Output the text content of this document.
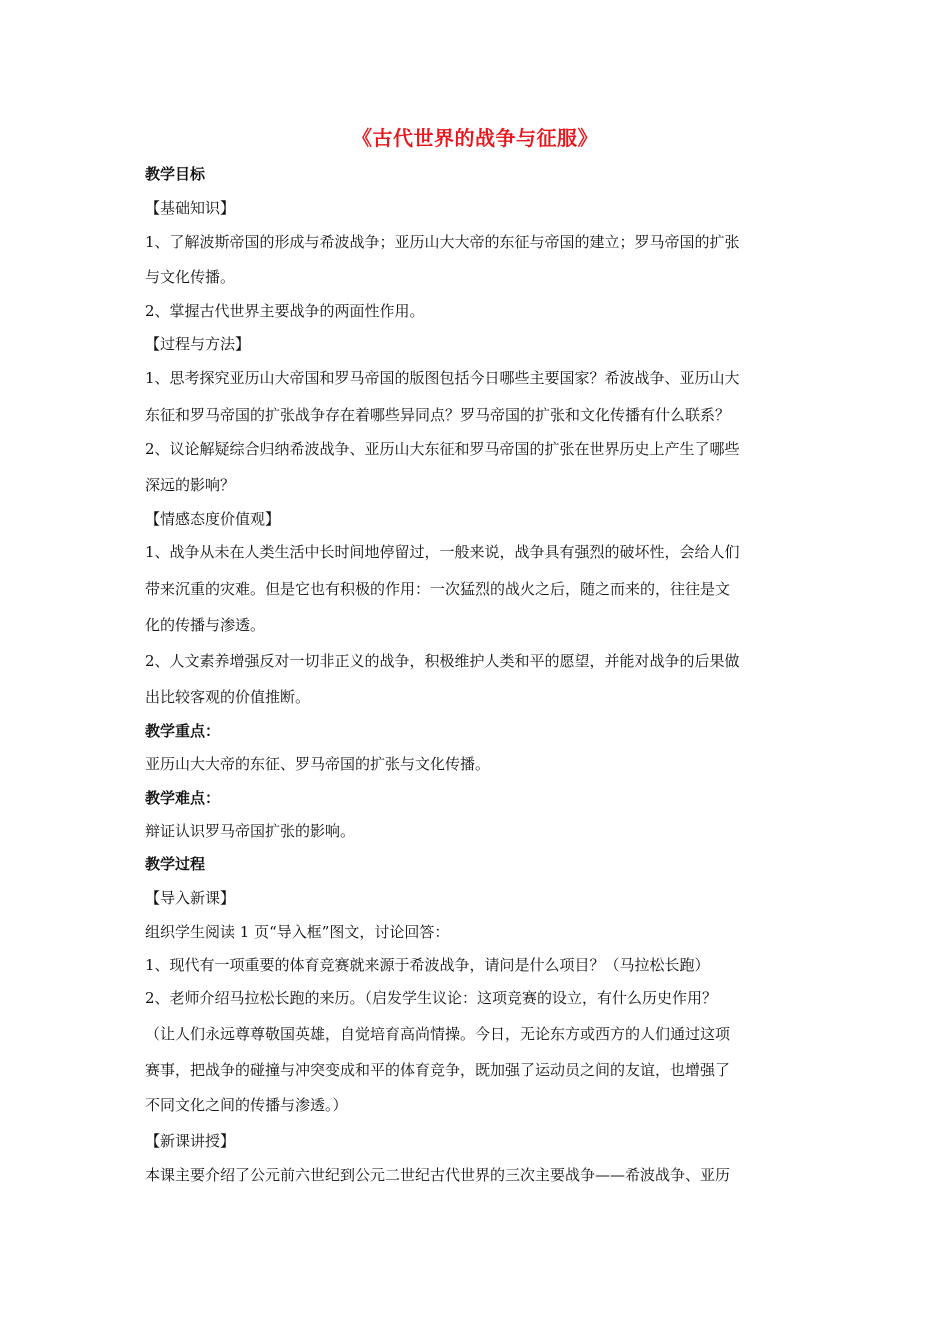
《古代世界的战争与征服》
教学目标
【基础知识】
1、了解波斯帝国的形成与希波战争；亚历山大大帝的东征与帝国的建立；罗马帝国的扩张
与文化传播。
2、掌握古代世界主要战争的两面性作用。
【过程与方法】
1、思考探究亚历山大帝国和罗马帝国的版图包括今日哪些主要国家？希波战争、亚历山大
东征和罗马帝国的扩张战争存在着哪些异同点？罗马帝国的扩张和文化传播有什么联系？
2、议论解疑综合归纳希波战争、亚历山大东征和罗马帝国的扩张在世界历史上产生了哪些
深远的影响？
【情感态度价值观】
1、战争从未在人类生活中长时间地停留过，一般来说，战争具有强烈的破坏性，会给人们
带来沉重的灾难。但是它也有积极的作用：一次猛烈的战火之后，随之而来的，往往是文
化的传播与渗透。
2、人文素养增强反对一切非正义的战争，积极维护人类和平的愿望，并能对战争的后果做
出比较客观的价值推断。
教学重点：
亚历山大大帝的东征、罗马帝国的扩张与文化传播。
教学难点：
辩证认识罗马帝国扩张的影响。
教学过程
【导入新课】
组织学生阅读 1 页“导入框”图文，讨论回答：
1、现代有一项重要的体育竞赛就来源于希波战争，请问是什么项目？（马拉松长跑）
2、老师介绍马拉松长跑的来历。（启发学生议论：这项竞赛的设立，有什么历史作用？
（让人们永远尊尊敬国英雄，自觉培育高尚情操。今日，无论东方或西方的人们通过这项
赛事，把战争的碰撞与冲突变成和平的体育竞争，既加强了运动员之间的友谊，也增强了
不同文化之间的传播与渗透。）
【新课讲授】
本课主要介绍了公元前六世纪到公元二世纪古代世界的三次主要战争——希波战争、亚历
